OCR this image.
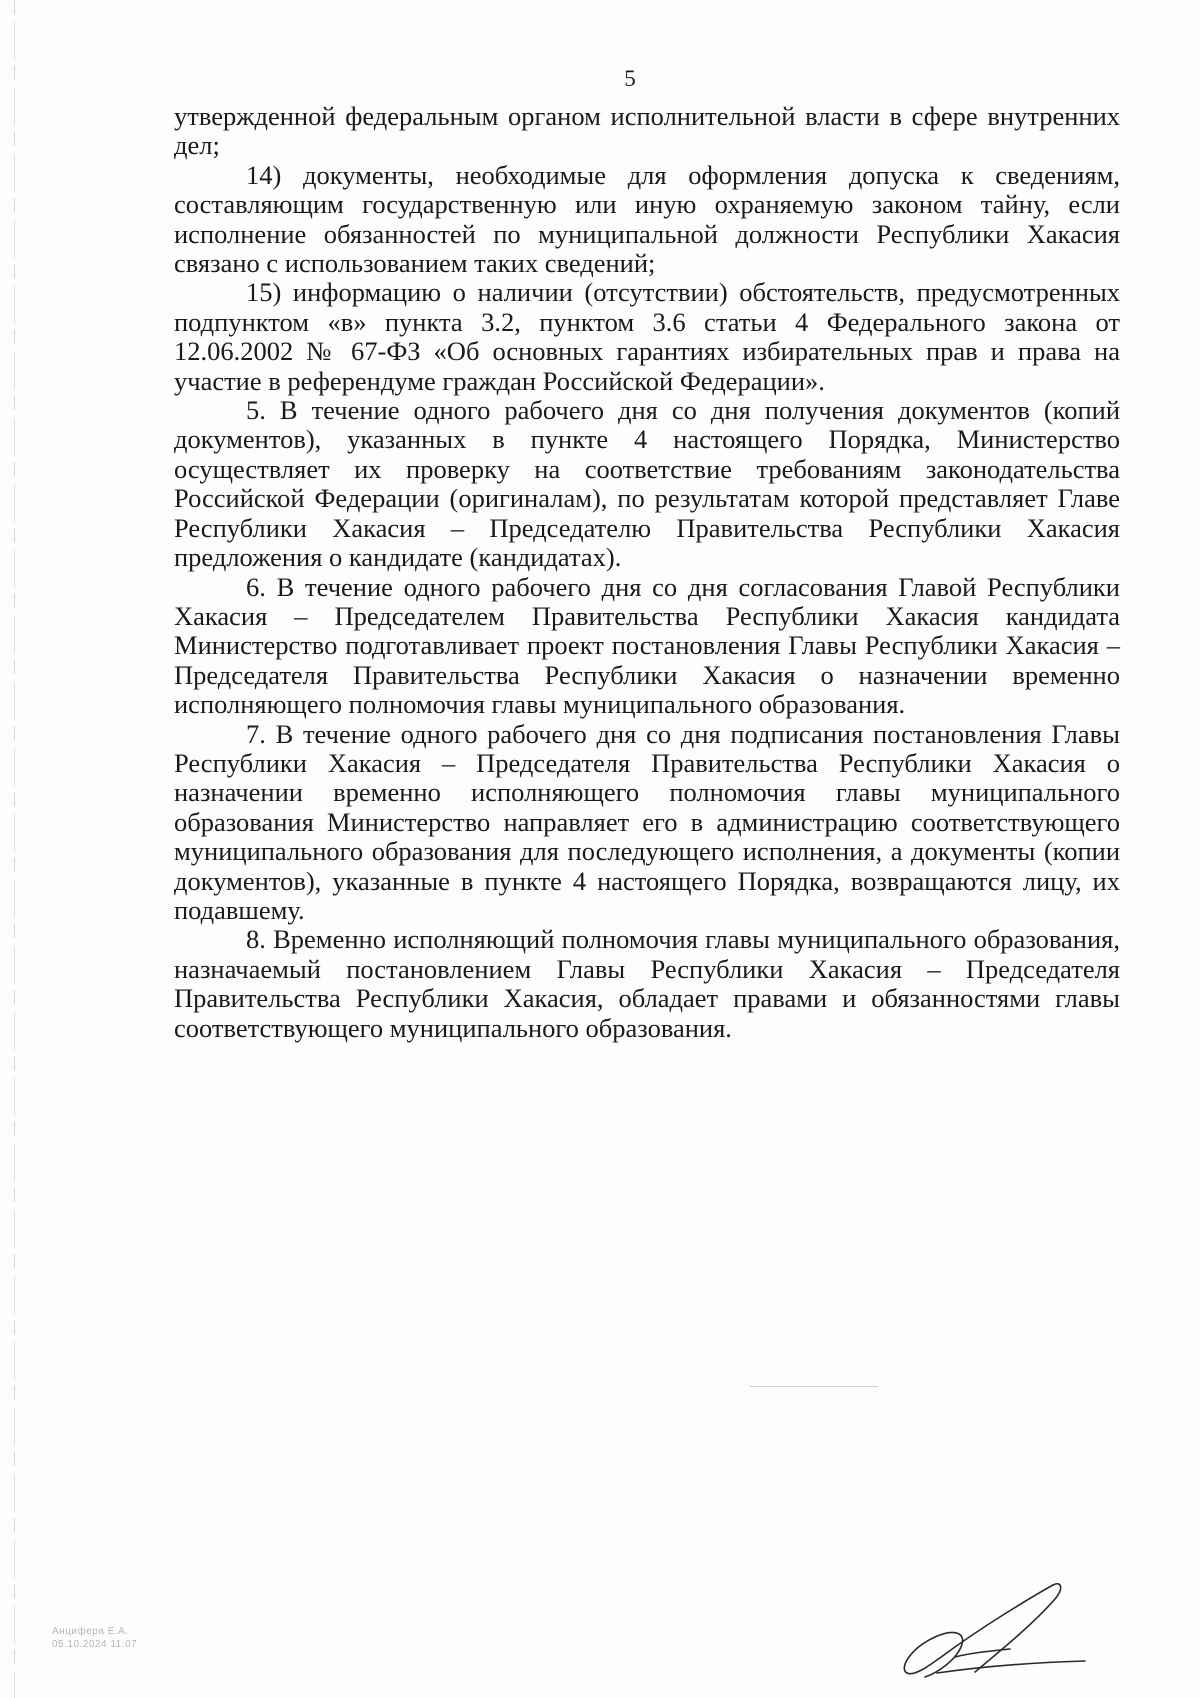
5

утвержденной федеральным органом исполнительной власти в сфере внутренних дел;

14) документы, необходимые для оформления допуска к сведениям, составляющим государственную или иную охраняемую законом тайну, если исполнение обязанностей по муниципальной должности Республики Хакасия связано с использованием таких сведений;

15) информацию о наличии (отсутствии) обстоятельств, предусмотренных подпунктом «в» пункта 3.2, пунктом 3.6 статьи 4 Федерального закона от 12.06.2002 № 67-ФЗ «Об основных гарантиях избирательных прав и права на участие в референдуме граждан Российской Федерации».

5. В течение одного рабочего дня со дня получения документов (копий документов), указанных в пункте 4 настоящего Порядка, Министерство осуществляет их проверку на соответствие требованиям законодательства Российской Федерации (оригиналам), по результатам которой представляет Главе Республики Хакасия – Председателю Правительства Республики Хакасия предложения о кандидате (кандидатах).

6. В течение одного рабочего дня со дня согласования Главой Республики Хакасия – Председателем Правительства Республики Хакасия кандидата Министерство подготавливает проект постановления Главы Республики Хакасия – Председателя Правительства Республики Хакасия о назначении временно исполняющего полномочия главы муниципального образования.

7. В течение одного рабочего дня со дня подписания постановления Главы Республики Хакасия – Председателя Правительства Республики Хакасия о назначении временно исполняющего полномочия главы муниципального образования Министерство направляет его в администрацию соответствующего муниципального образования для последующего исполнения, а документы (копии документов), указанные в пункте 4 настоящего Порядка, возвращаются лицу, их подавшему.

8. Временно исполняющий полномочия главы муниципального образования, назначаемый постановлением Главы Республики Хакасия – Председателя Правительства Республики Хакасия, обладает правами и обязанностями главы соответствующего муниципального образования.

Анцифера Е.А.
05.10.2024 11:07
